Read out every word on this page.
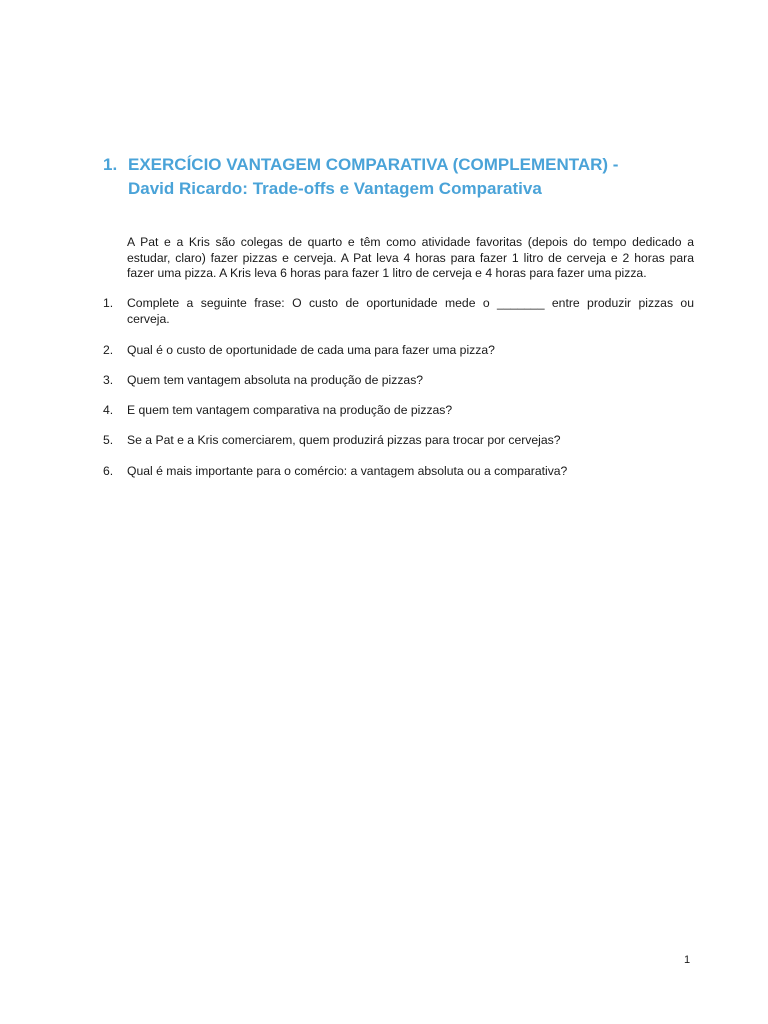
1. EXERCÍCIO VANTAGEM COMPARATIVA (COMPLEMENTAR) -
David Ricardo: Trade-offs e Vantagem Comparativa
A Pat e a Kris são colegas de quarto e têm como atividade favoritas (depois do tempo dedicado a
estudar, claro) fazer pizzas e cerveja. A Pat leva 4 horas para fazer 1 litro de cerveja e 2 horas para
fazer uma pizza. A Kris leva 6 horas para fazer 1 litro de cerveja e 4 horas para fazer uma pizza.
1. Complete a seguinte frase: O custo de oportunidade mede o _______ entre produzir pizzas ou
cerveja.
2. Qual é o custo de oportunidade de cada uma para fazer uma pizza?
3. Quem tem vantagem absoluta na produção de pizzas?
4. E quem tem vantagem comparativa na produção de pizzas?
5. Se a Pat e a Kris comerciarem, quem produzirá pizzas para trocar por cervejas?
6. Qual é mais importante para o comércio: a vantagem absoluta ou a comparativa?
1
